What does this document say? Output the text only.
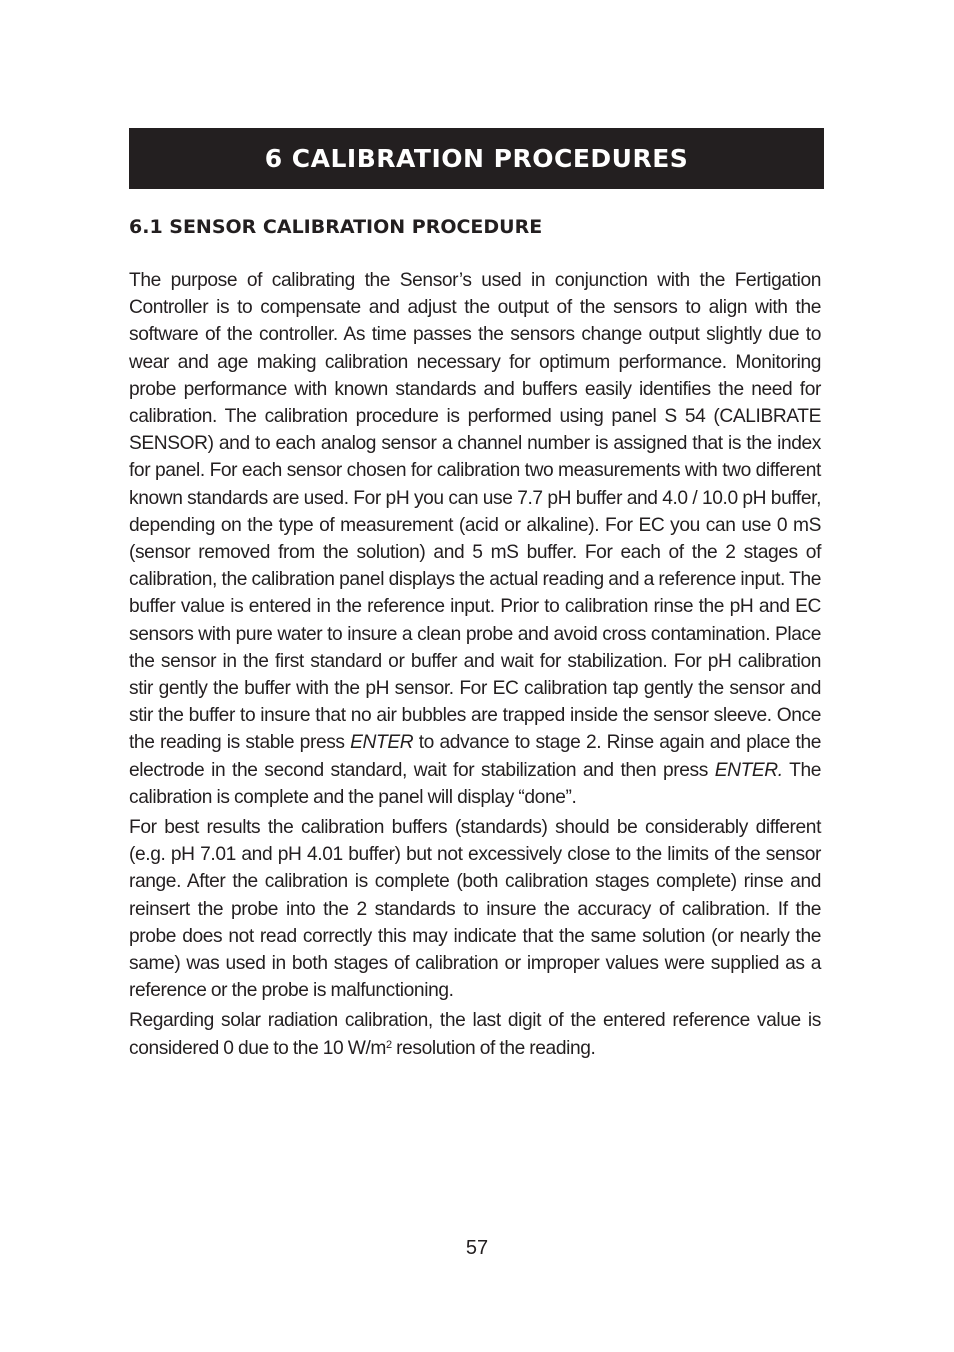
6 CALIBRATION PROCEDURES
6.1 SENSOR CALIBRATION PROCEDURE

The purpose of calibrating the Sensor’s used in conjunction with the Fertigation Controller is to compensate and adjust the output of the sensors to align with the software of the controller. As time passes the sensors change output slightly due to wear and age making calibration necessary for optimum performance. Monitoring probe performance with known standards and buffers easily identifies the need for calibration. The calibration procedure is performed using panel S 54 (CALIBRATE SENSOR) and to each analog sensor a channel number is assigned that is the index for panel. For each sensor chosen for calibration two measurements with two different known standards are used. For pH you can use 7.7 pH buffer and 4.0 / 10.0 pH buffer, depending on the type of measurement (acid or alkaline). For EC you can use 0 mS (sensor removed from the solution) and 5 mS buffer. For each of the 2 stages of calibration, the calibration panel displays the actual reading and a reference input. The buffer value is entered in the reference input. Prior to calibration rinse the pH and EC sensors with pure water to insure a clean probe and avoid cross contamination. Place the sensor in the first standard or buffer and wait for stabilization. For pH calibration stir gently the buffer with the pH sensor. For EC calibration tap gently the sensor and stir the buffer to insure that no air bubbles are trapped inside the sensor sleeve. Once the reading is stable press ENTER to advance to stage 2. Rinse again and place the electrode in the second standard, wait for stabilization and then press ENTER. The calibration is complete and the panel will display “done”.

For best results the calibration buffers (standards) should be considerably different (e.g. pH 7.01 and pH 4.01 buffer) but not excessively close to the limits of the sensor range. After the calibration is complete (both calibration stages complete) rinse and reinsert the probe into the 2 standards to insure the accuracy of calibration. If the probe does not read correctly this may indicate that the same solution (or nearly the same) was used in both stages of calibration or improper values were supplied as a reference or the probe is malfunctioning.

Regarding solar radiation calibration, the last digit of the entered reference value is considered 0 due to the 10 $W/m^2$ resolution of the reading.

57
